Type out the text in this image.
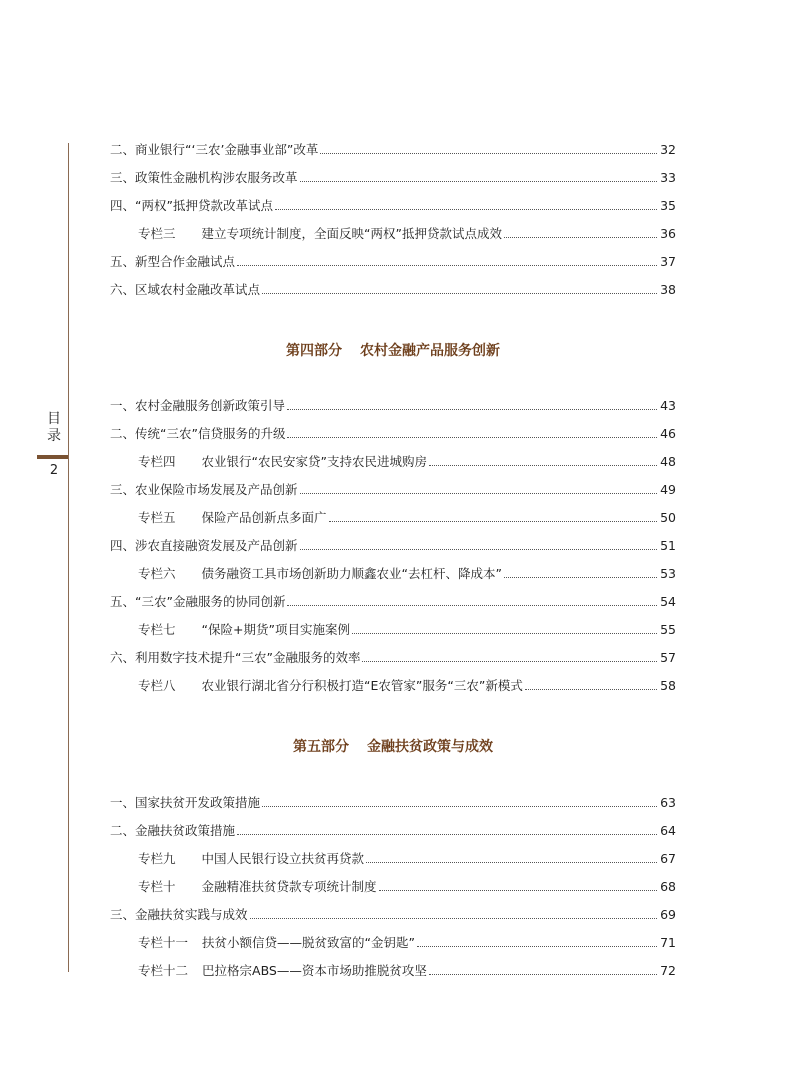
目
录
2
二、商业银行“‘三农’金融事业部”改革	32
三、政策性金融机构涉农服务改革	33
四、“两权”抵押贷款改革试点	35
专栏三 建立专项统计制度，全面反映“两权”抵押贷款试点成效	36
五、新型合作金融试点	37
六、区域农村金融改革试点	38
第四部分 农村金融产品服务创新
一、农村金融服务创新政策引导	43
二、传统“三农”信贷服务的升级	46
专栏四 农业银行“农民安家贷”支持农民进城购房	48
三、农业保险市场发展及产品创新	49
专栏五 保险产品创新点多面广	50
四、涉农直接融资发展及产品创新	51
专栏六 债务融资工具市场创新助力顺鑫农业“去杠杆、降成本”	53
五、“三农”金融服务的协同创新	54
专栏七 “保险+期货”项目实施案例	55
六、利用数字技术提升“三农”金融服务的效率	57
专栏八 农业银行湖北省分行积极打造“E农管家”服务“三农”新模式	58
第五部分 金融扶贫政策与成效
一、国家扶贫开发政策措施	63
二、金融扶贫政策措施	64
专栏九 中国人民银行设立扶贫再贷款	67
专栏十 金融精准扶贫贷款专项统计制度	68
三、金融扶贫实践与成效	69
专栏十一 扶贫小额信贷——脱贫致富的“金钥匙”	71
专栏十二 巴拉格宗ABS——资本市场助推脱贫攻坚	72
